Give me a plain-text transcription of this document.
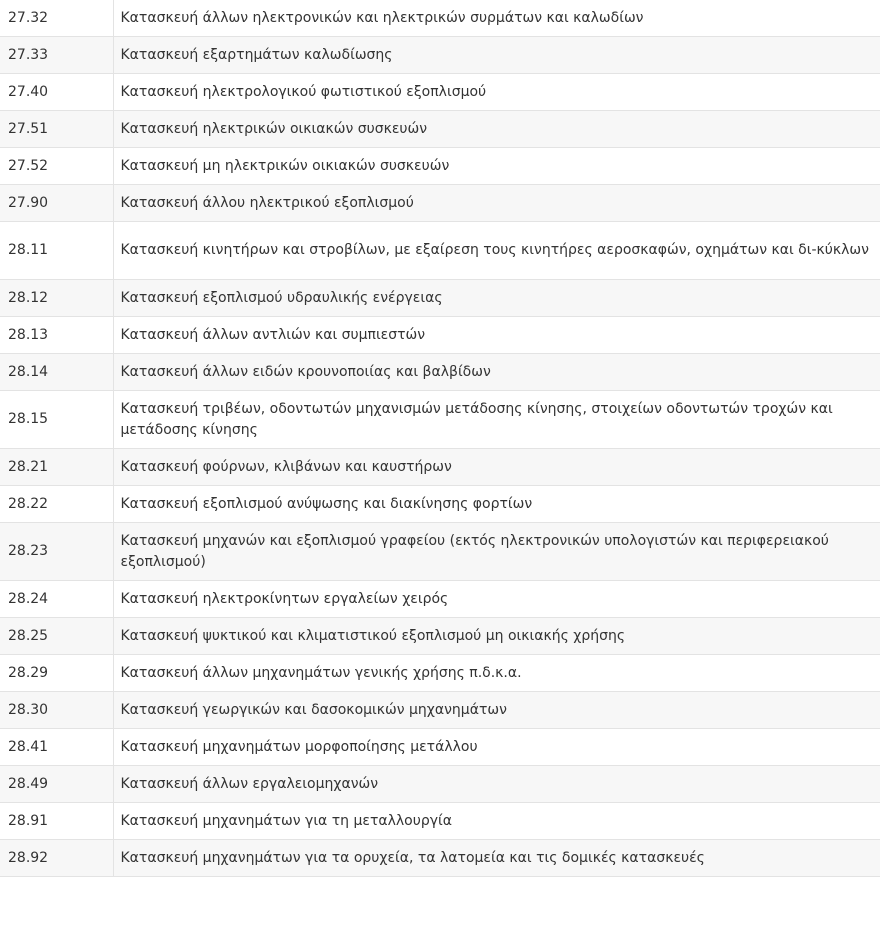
27.32	Κατασκευή άλλων ηλεκτρονικών και ηλεκτρικών συρμάτων και καλωδίων
27.33	Κατασκευή εξαρτημάτων καλωδίωσης
27.40	Κατασκευή ηλεκτρολογικού φωτιστικού εξοπλισμού
27.51	Κατασκευή ηλεκτρικών οικιακών συσκευών
27.52	Κατασκευή μη ηλεκτρικών οικιακών συσκευών
27.90	Κατασκευή άλλου ηλεκτρικού εξοπλισμού
28.11	Κατασκευή κινητήρων και στροβίλων, με εξαίρεση τους κινητήρες αεροσκαφών, οχημάτων και δι-κύκλων
28.12	Κατασκευή εξοπλισμού υδραυλικής ενέργειας
28.13	Κατασκευή άλλων αντλιών και συμπιεστών
28.14	Κατασκευή άλλων ειδών κρουνοποιίας και βαλβίδων
28.15	Κατασκευή τριβέων, οδοντωτών μηχανισμών μετάδοσης κίνησης, στοιχείων οδοντωτών τροχών και μετάδοσης κίνησης
28.21	Κατασκευή φούρνων, κλιβάνων και καυστήρων
28.22	Κατασκευή εξοπλισμού ανύψωσης και διακίνησης φορτίων
28.23	Κατασκευή μηχανών και εξοπλισμού γραφείου (εκτός ηλεκτρονικών υπολογιστών και περιφερειακού εξοπλισμού)
28.24	Κατασκευή ηλεκτροκίνητων εργαλείων χειρός
28.25	Κατασκευή ψυκτικού και κλιματιστικού εξοπλισμού μη οικιακής χρήσης
28.29	Κατασκευή άλλων μηχανημάτων γενικής χρήσης π.δ.κ.α.
28.30	Κατασκευή γεωργικών και δασοκομικών μηχανημάτων
28.41	Κατασκευή μηχανημάτων μορφοποίησης μετάλλου
28.49	Κατασκευή άλλων εργαλειομηχανών
28.91	Κατασκευή μηχανημάτων για τη μεταλλουργία
28.92	Κατασκευή μηχανημάτων για τα ορυχεία, τα λατομεία και τις δομικές κατασκευές
